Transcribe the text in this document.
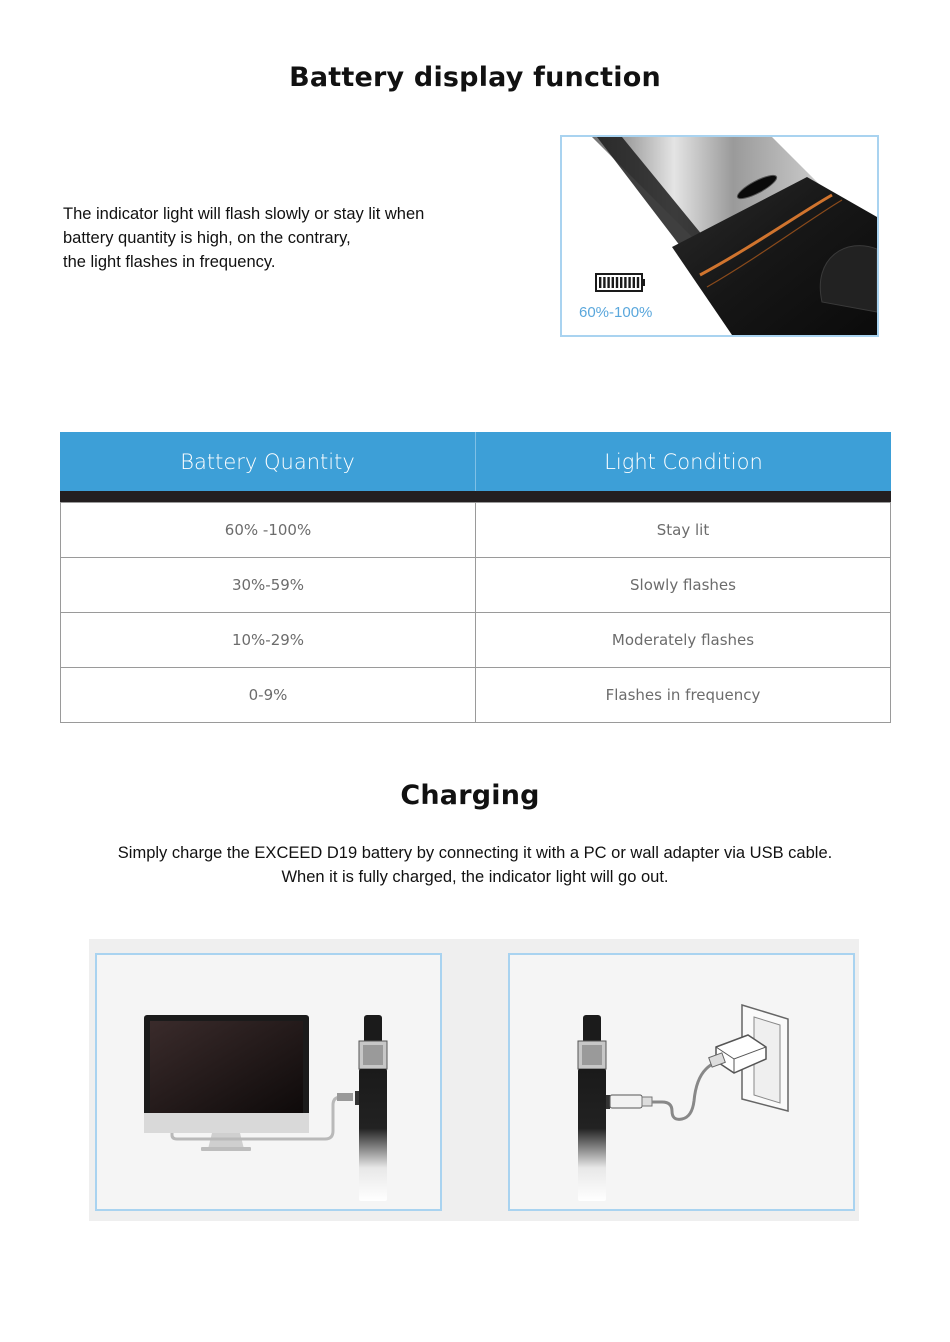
Battery display function
The indicator light will flash slowly or stay lit when
battery quantity is high, on the contrary,
the light flashes in frequency.
60%-100%
Battery Quantity	Light Condition
60% -100%	Stay lit
30%-59%	Slowly flashes
10%-29%	Moderately flashes
0-9%	Flashes in frequency
Charging
Simply charge the EXCEED D19 battery by connecting it with a PC or wall adapter via USB cable.
When it is fully charged, the indicator light will go out.
